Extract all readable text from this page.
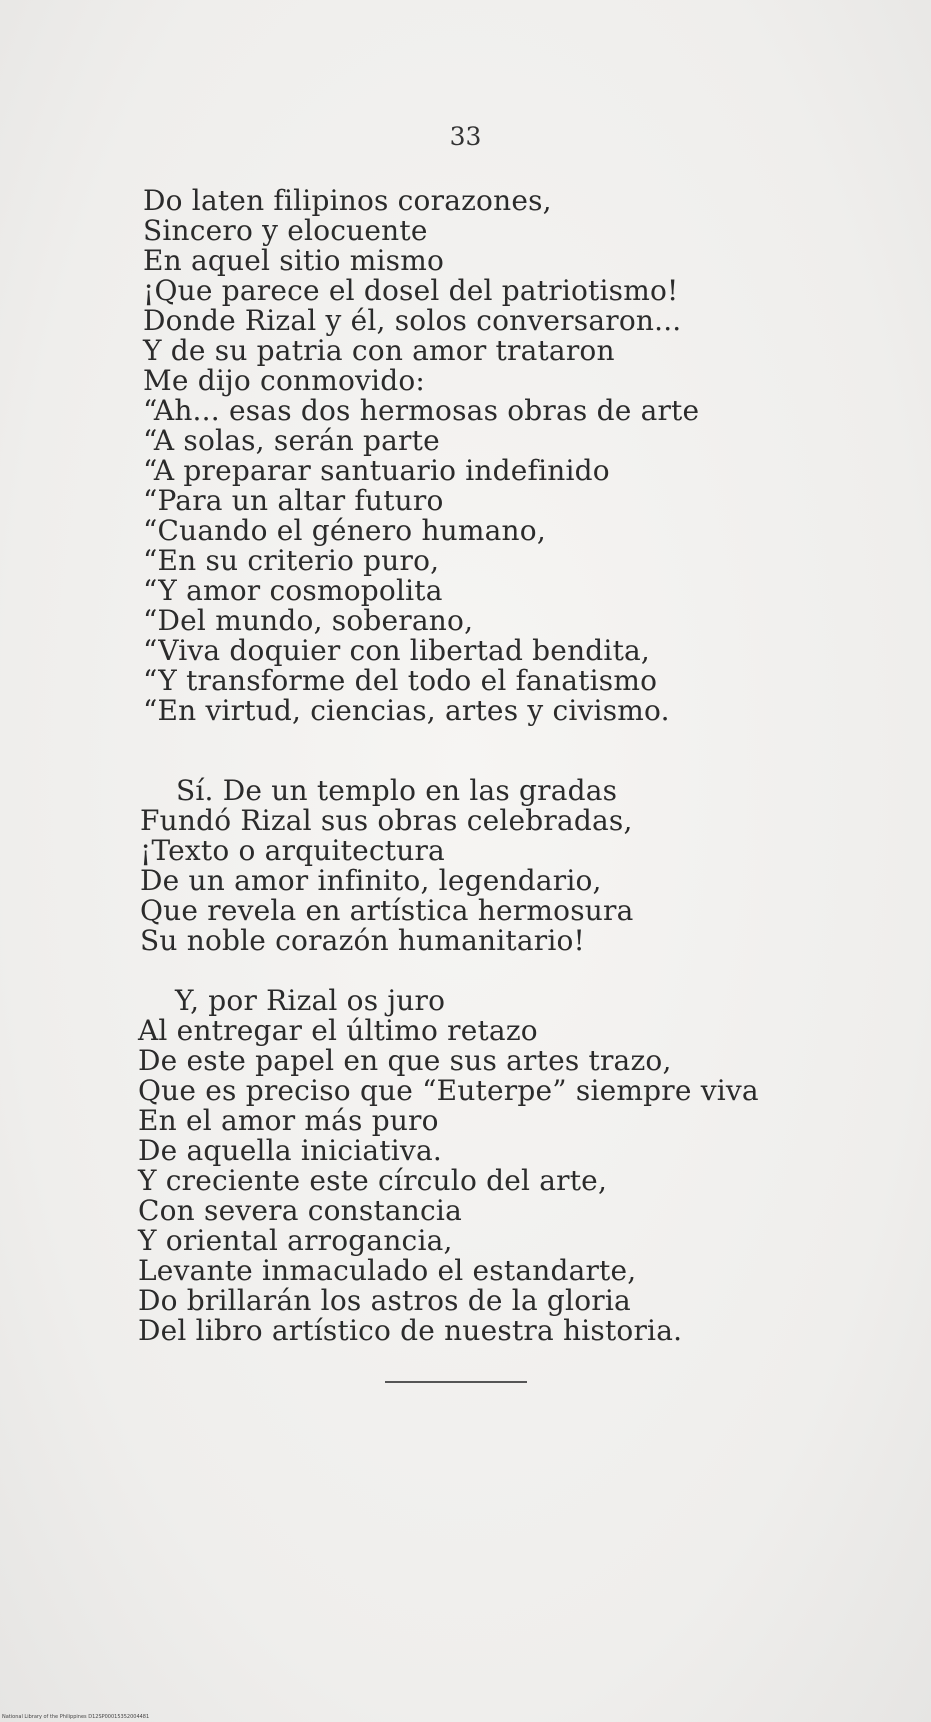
33
Do laten filipinos corazones,
Sincero y elocuente
En aquel sitio mismo
¡Que parece el dosel del patriotismo!
Donde Rizal y él, solos conversaron...
Y de su patria con amor trataron
Me dijo conmovido:
“Ah... esas dos hermosas obras de arte
“A solas, serán parte
“A preparar santuario indefinido
“Para un altar futuro
“Cuando el género humano,
“En su criterio puro,
“Y amor cosmopolita
“Del mundo, soberano,
“Viva doquier con libertad bendita,
“Y transforme del todo el fanatismo
“En virtud, ciencias, artes y civismo.
Sí. De un templo en las gradas
Fundó Rizal sus obras celebradas,
¡Texto o arquitectura
De un amor infinito, legendario,
Que revela en artística hermosura
Su noble corazón humanitario!
Y, por Rizal os juro
Al entregar el último retazo
De este papel en que sus artes trazo,
Que es preciso que “Euterpe” siempre viva
En el amor más puro
De aquella iniciativa.
Y creciente este círculo del arte,
Con severa constancia
Y oriental arrogancia,
Levante inmaculado el estandarte,
Do brillarán los astros de la gloria
Del libro artístico de nuestra historia.
National Library of the Philippines D12SP00015352004481
